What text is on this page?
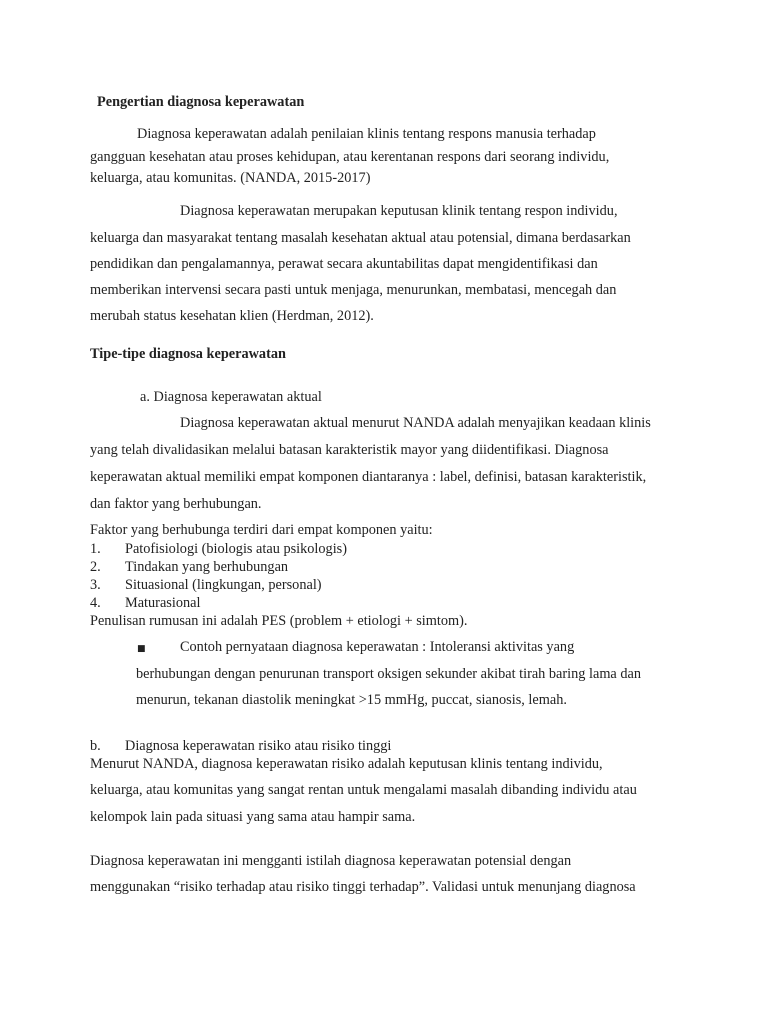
Pengertian diagnosa keperawatan
Diagnosa keperawatan adalah penilaian klinis tentang respons manusia terhadap
gangguan kesehatan atau proses kehidupan, atau kerentanan respons dari seorang individu,
keluarga, atau komunitas. (NANDA, 2015-2017)
Diagnosa keperawatan merupakan keputusan klinik tentang respon individu,
keluarga dan masyarakat tentang masalah kesehatan aktual atau potensial, dimana berdasarkan
pendidikan dan pengalamannya, perawat secara akuntabilitas dapat mengidentifikasi dan
memberikan intervensi secara pasti untuk menjaga, menurunkan, membatasi, mencegah dan
merubah status kesehatan klien (Herdman, 2012).
Tipe-tipe diagnosa keperawatan
a. Diagnosa keperawatan aktual
Diagnosa keperawatan aktual menurut NANDA adalah menyajikan keadaan klinis
yang telah divalidasikan melalui batasan karakteristik mayor yang diidentifikasi. Diagnosa
keperawatan aktual memiliki empat komponen diantaranya : label, definisi, batasan karakteristik,
dan faktor yang berhubungan.
Faktor yang berhubunga terdiri dari empat komponen yaitu:
1. Patofisiologi (biologis atau psikologis)
2. Tindakan yang berhubungan
3. Situasional (lingkungan, personal)
4. Maturasional
Penulisan rumusan ini adalah PES (problem + etiologi + simtom).
■ Contoh pernyataan diagnosa keperawatan : Intoleransi aktivitas yang
berhubungan dengan penurunan transport oksigen sekunder akibat tirah baring lama dan
menurun, tekanan diastolik meningkat >15 mmHg, puccat, sianosis, lemah.
b. Diagnosa keperawatan risiko atau risiko tinggi
Menurut NANDA, diagnosa keperawatan risiko adalah keputusan klinis tentang individu,
keluarga, atau komunitas yang sangat rentan untuk mengalami masalah dibanding individu atau
kelompok lain pada situasi yang sama atau hampir sama.
Diagnosa keperawatan ini mengganti istilah diagnosa keperawatan potensial dengan
menggunakan “risiko terhadap atau risiko tinggi terhadap”. Validasi untuk menunjang diagnosa
